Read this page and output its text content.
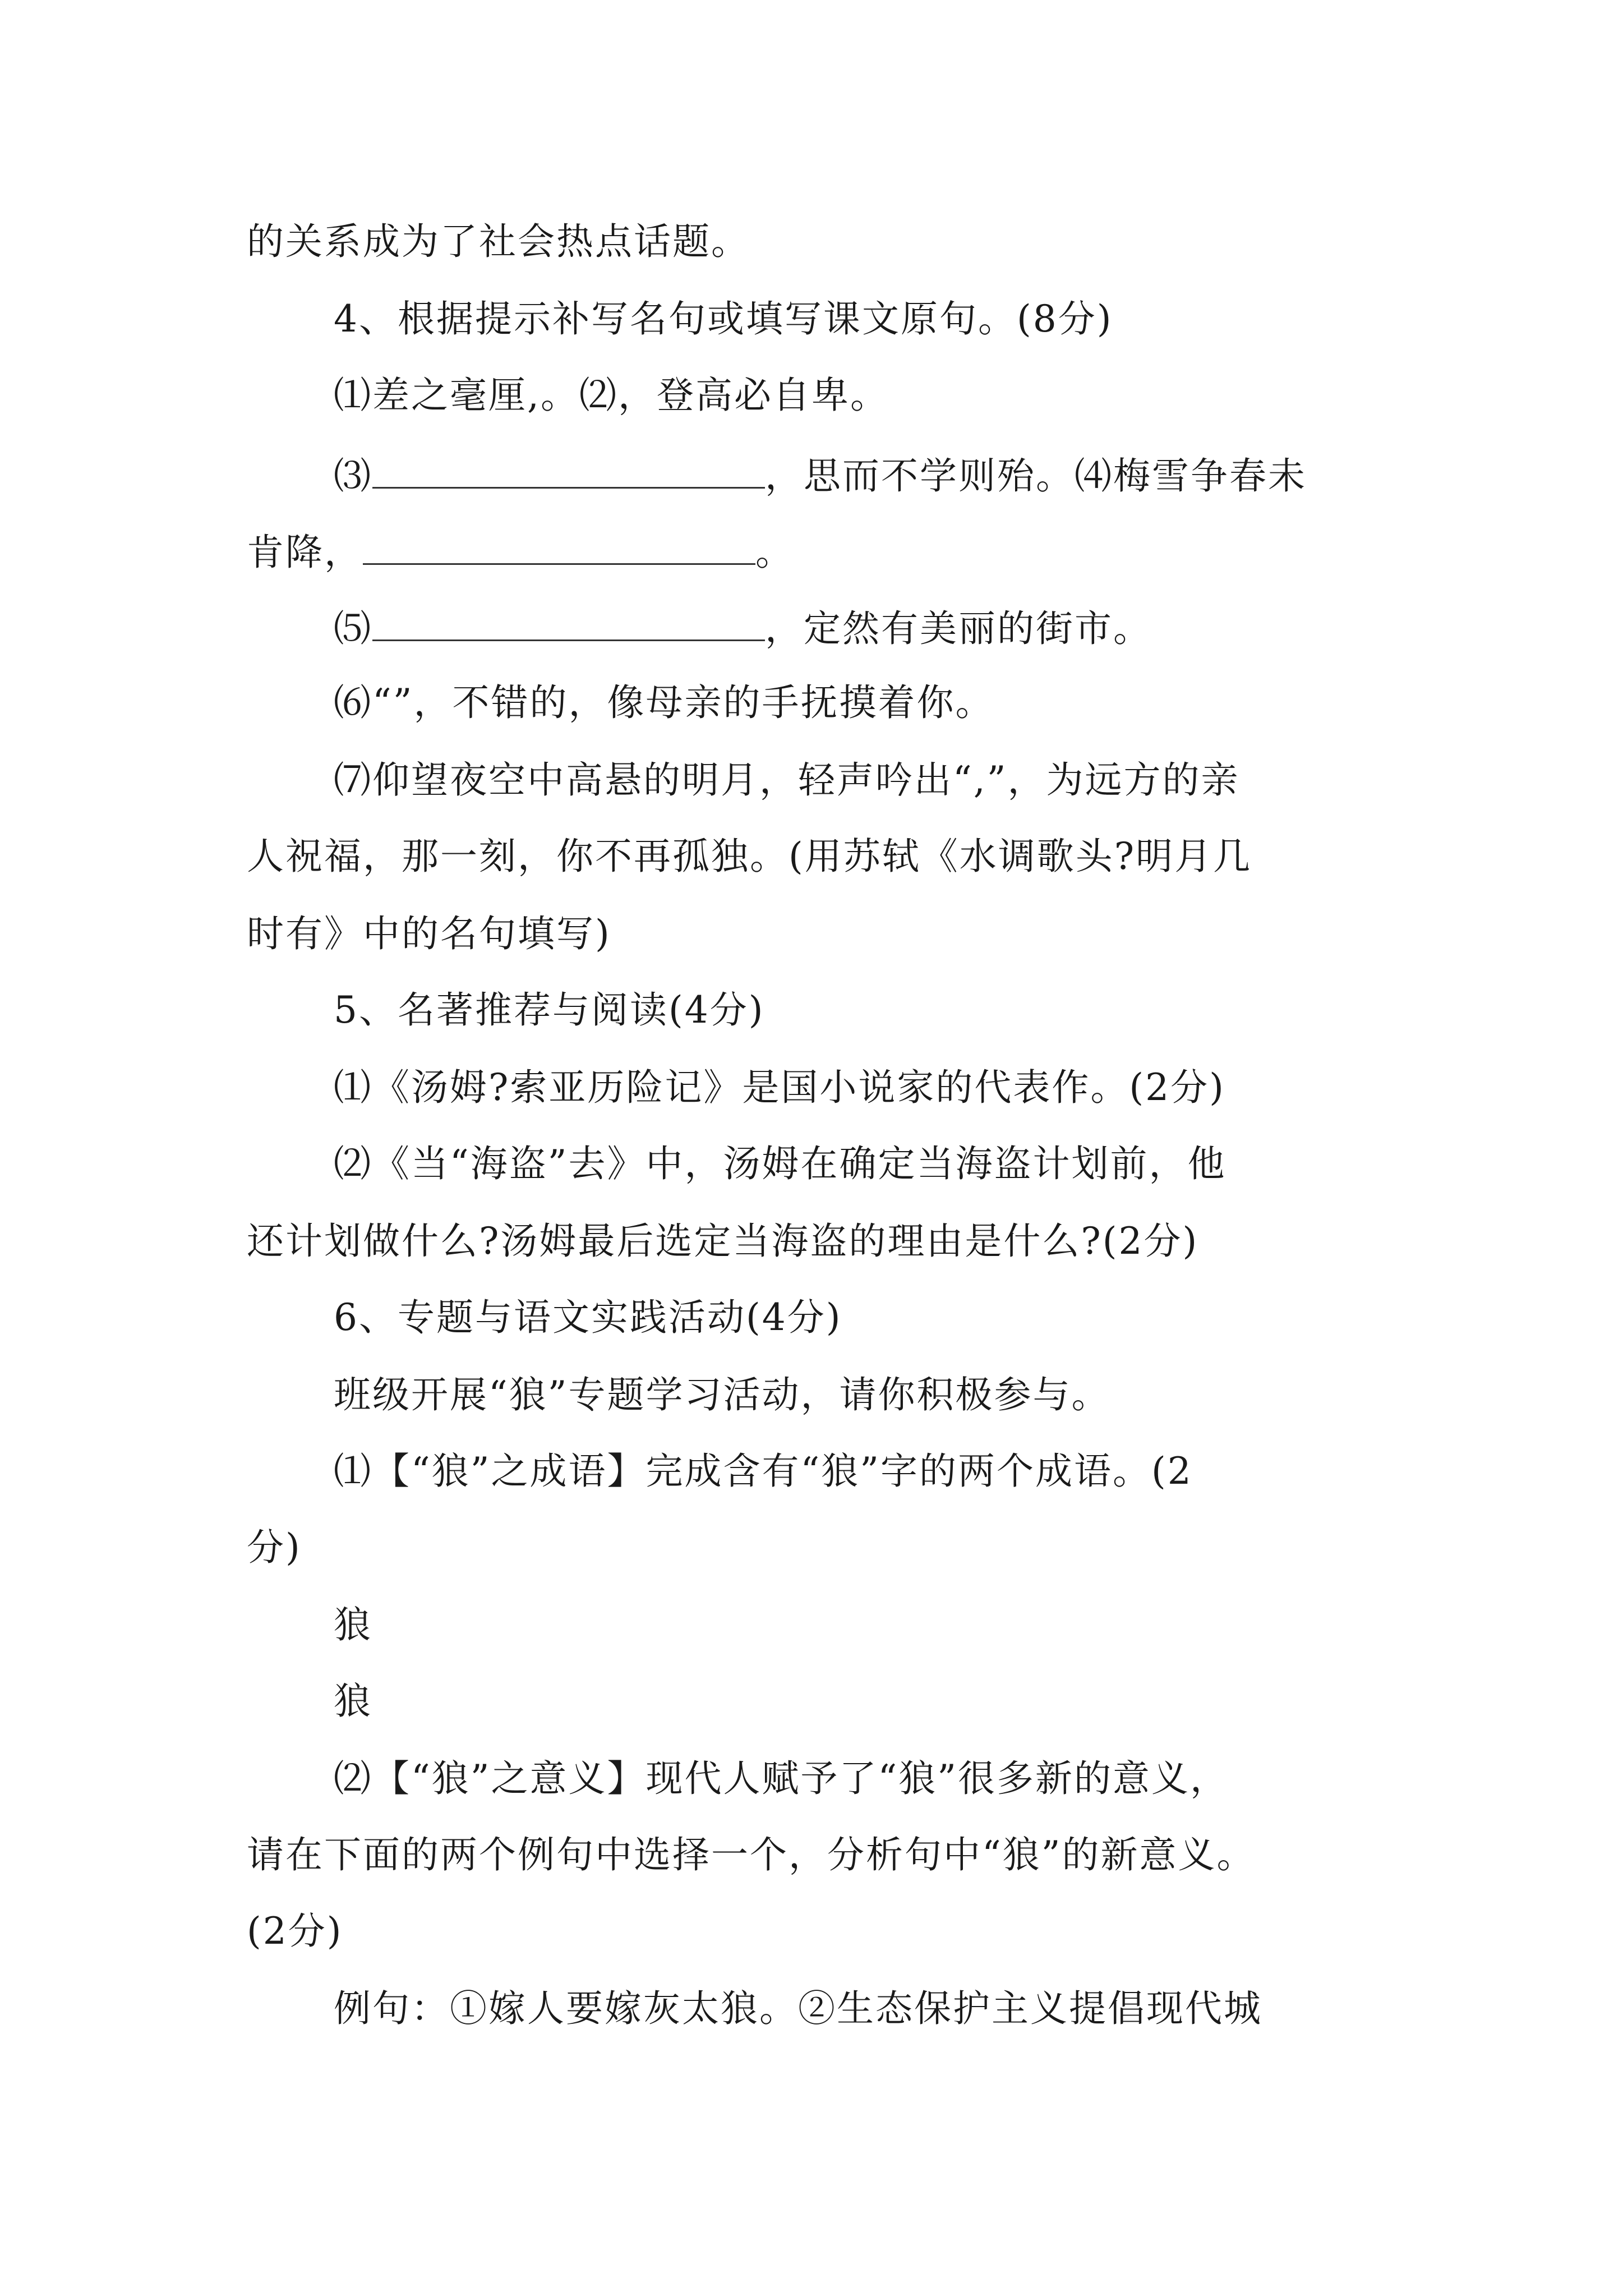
的关系成为了社会热点话题。
4、根据提示补写名句或填写课文原句。(8分)
⑴差之毫厘,。⑵，登高必自卑。
⑶	，思而不学则殆。⑷梅雪争春未
肯降，	。
⑸	，定然有美丽的街市。
⑹“”，不错的，像母亲的手抚摸着你。
⑺仰望夜空中高悬的明月，轻声吟出“,”，为远方的亲
人祝福，那一刻，你不再孤独。(用苏轼《水调歌头?明月几
时有》中的名句填写)
5、名著推荐与阅读(4分)
⑴《汤姆?索亚历险记》是国小说家的代表作。(2分)
⑵《当“海盗”去》中，汤姆在确定当海盗计划前，他
还计划做什么?汤姆最后选定当海盗的理由是什么?(2分)
6、专题与语文实践活动(4分)
班级开展“狼”专题学习活动，请你积极参与。
⑴【“狼”之成语】完成含有“狼”字的两个成语。(2
分)
狼
狼
⑵【“狼”之意义】现代人赋予了“狼”很多新的意义，
请在下面的两个例句中选择一个，分析句中“狼”的新意义。
(2分)
例句：①嫁人要嫁灰太狼。②生态保护主义提倡现代城
